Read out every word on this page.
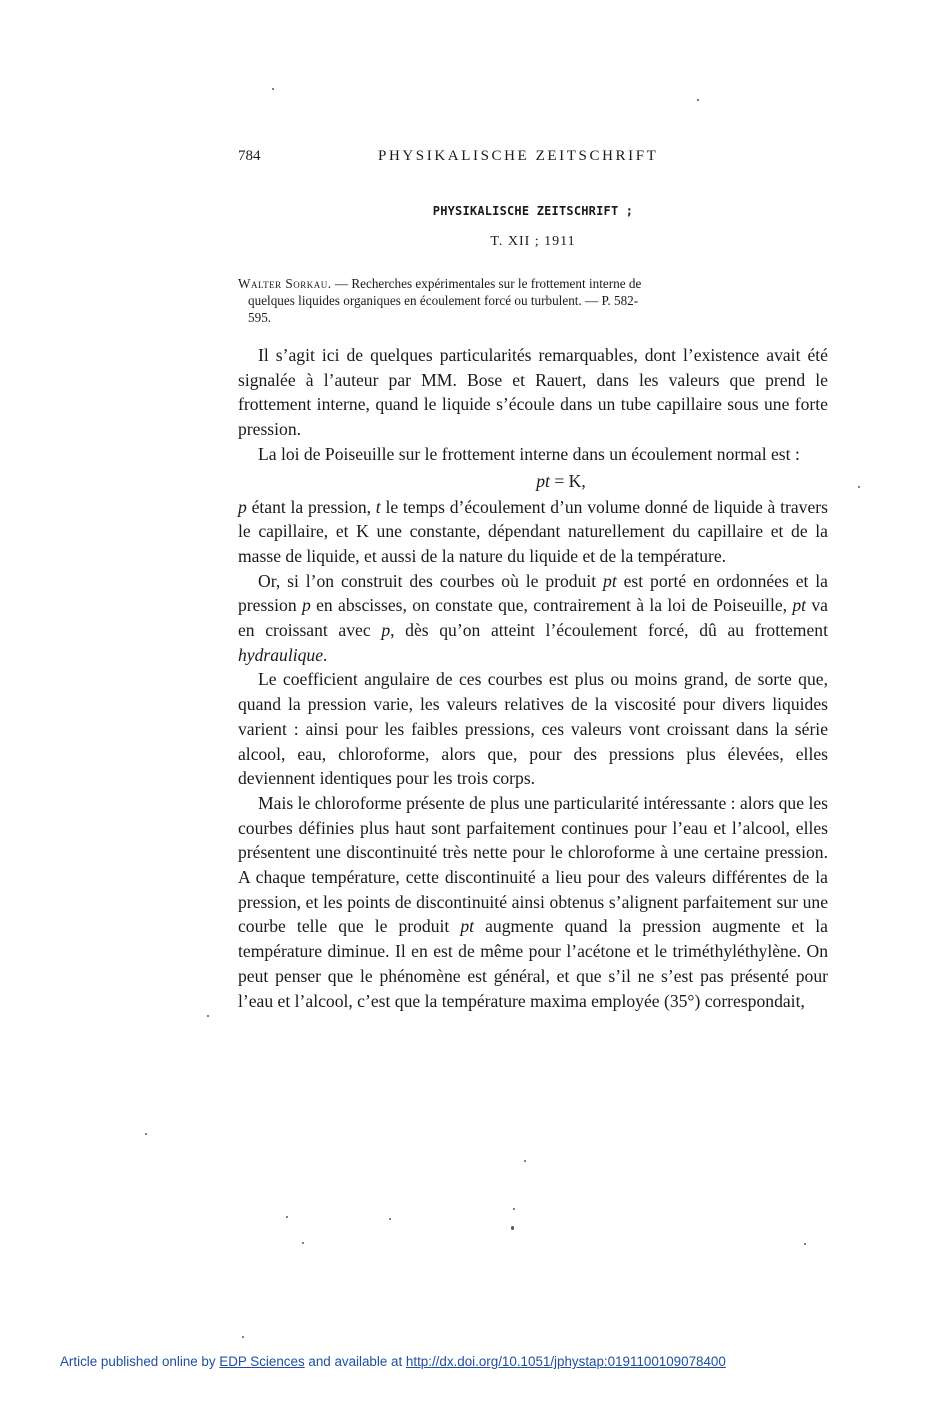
784	PHYSIKALISCHE ZEITSCHRIFT
PHYSIKALISCHE ZEITSCHRIFT ;
T. XII ; 1911
Walter Sorkau. — Recherches expérimentales sur le frottement interne de
quelques liquides organiques en écoulement forcé ou turbulent. — P. 582-
595.

Il s’agit ici de quelques particularités remarquables, dont l’existence avait été signalée à l’auteur par MM. Bose et Rauert, dans les valeurs que prend le frottement interne, quand le liquide s’écoule dans un tube capillaire sous une forte pression.

La loi de Poiseuille sur le frottement interne dans un écoulement normal est :

pt = K,

p étant la pression, t le temps d’écoulement d’un volume donné de liquide à travers le capillaire, et K une constante, dépendant naturellement du capillaire et de la masse de liquide, et aussi de la nature du liquide et de la température.

Or, si l’on construit des courbes où le produit pt est porté en ordonnées et la pression p en abscisses, on constate que, contrairement à la loi de Poiseuille, pt va en croissant avec p, dès qu’on atteint l’écoulement forcé, dû au frottement hydraulique.

Le coefficient angulaire de ces courbes est plus ou moins grand, de sorte que, quand la pression varie, les valeurs relatives de la viscosité pour divers liquides varient : ainsi pour les faibles pressions, ces valeurs vont croissant dans la série alcool, eau, chloroforme, alors que, pour des pressions plus élevées, elles deviennent identiques pour les trois corps.

Mais le chloroforme présente de plus une particularité intéressante : alors que les courbes définies plus haut sont parfaitement continues pour l’eau et l’alcool, elles présentent une discontinuité très nette pour le chloroforme à une certaine pression. A chaque température, cette discontinuité a lieu pour des valeurs différentes de la pression, et les points de discontinuité ainsi obtenus s’alignent parfaitement sur une courbe telle que le produit pt augmente quand la pression augmente et la température diminue. Il en est de même pour l’acétone et le triméthyléthylène. On peut penser que le phénomène est général, et que s’il ne s’est pas présenté pour l’eau et l’alcool, c’est que la température maxima employée (35°) correspondait,

Article published online by EDP Sciences and available at http://dx.doi.org/10.1051/jphystap:0191100109078400
